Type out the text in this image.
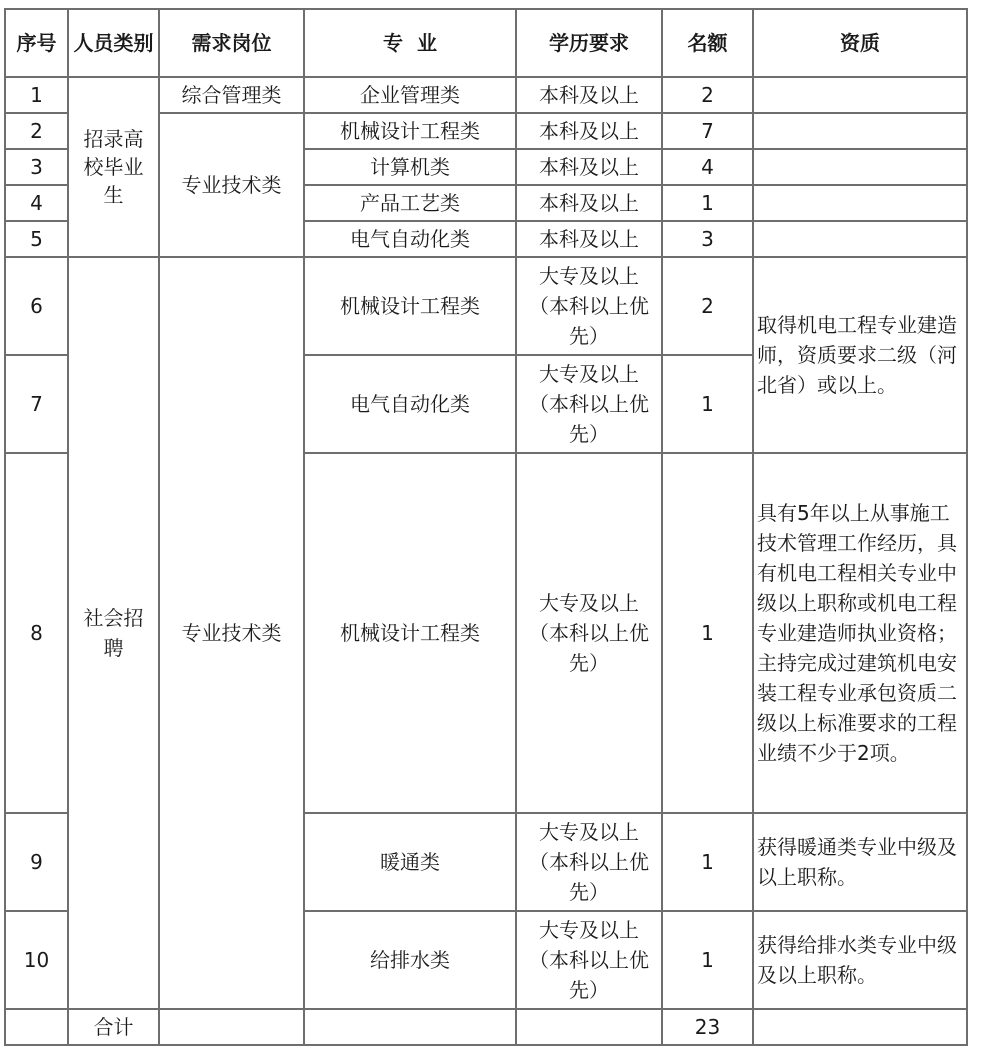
序号	人员类别	需求岗位	专  业	学历要求	名额	资质
1	招录高校毕业生	综合管理类	企业管理类	本科及以上	2	
2		专业技术类	机械设计工程类	本科及以上	7	
3			计算机类	本科及以上	4	
4			产品工艺类	本科及以上	1	
5			电气自动化类	本科及以上	3	
6	社会招聘	专业技术类	机械设计工程类	大专及以上（本科以上优先）	2	取得机电工程专业建造师，资质要求二级（河北省）或以上。
7			电气自动化类	大专及以上（本科以上优先）	1	
8			机械设计工程类	大专及以上（本科以上优先）	1	具有5年以上从事施工技术管理工作经历，具有机电工程相关专业中级以上职称或机电工程专业建造师执业资格；主持完成过建筑机电安装工程专业承包资质二级以上标准要求的工程业绩不少于2项。
9			暖通类	大专及以上（本科以上优先）	1	获得暖通类专业中级及以上职称。
10			给排水类	大专及以上（本科以上优先）	1	获得给排水类专业中级及以上职称。
	合计				23	
